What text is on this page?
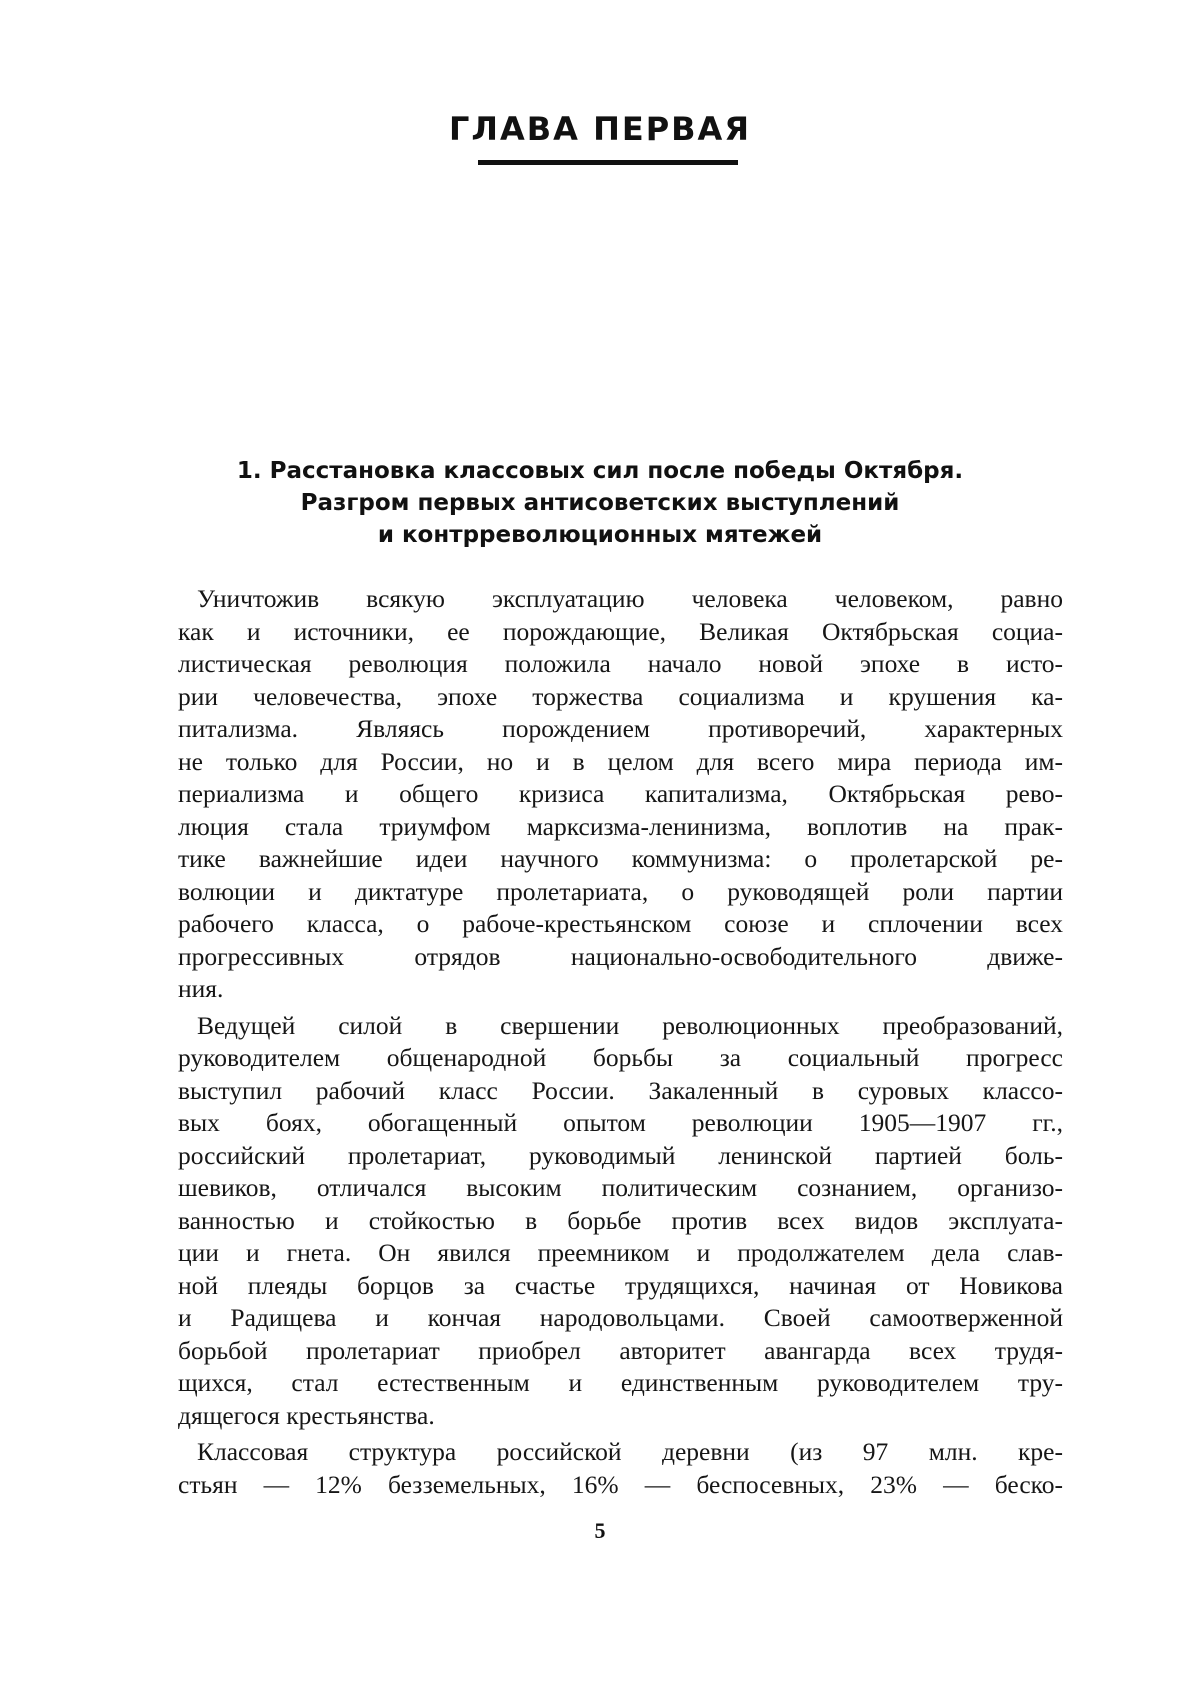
ГЛАВА ПЕРВАЯ
1. Расстановка классовых сил после победы Октября.
Разгром первых антисоветских выступлений
и контрреволюционных мятежей

Уничтожив всякую эксплуатацию человека человеком, равно
как и источники, ее порождающие, Великая Октябрьская социа-
листическая революция положила начало новой эпохе в исто-
рии человечества, эпохе торжества социализма и крушения ка-
питализма. Являясь порождением противоречий, характерных
не только для России, но и в целом для всего мира периода им-
периализма и общего кризиса капитализма, Октябрьская рево-
люция стала триумфом марксизма-ленинизма, воплотив на прак-
тике важнейшие идеи научного коммунизма: о пролетарской ре-
волюции и диктатуре пролетариата, о руководящей роли партии
рабочего класса, о рабоче-крестьянском союзе и сплочении всех
прогрессивных отрядов национально-освободительного движе-
ния.

Ведущей силой в свершении революционных преобразований,
руководителем общенародной борьбы за социальный прогресс
выступил рабочий класс России. Закаленный в суровых классо-
вых боях, обогащенный опытом революции 1905—1907 гг.,
российский пролетариат, руководимый ленинской партией боль-
шевиков, отличался высоким политическим сознанием, организо-
ванностью и стойкостью в борьбе против всех видов эксплуата-
ции и гнета. Он явился преемником и продолжателем дела слав-
ной плеяды борцов за счастье трудящихся, начиная от Новикова
и Радищева и кончая народовольцами. Своей самоотверженной
борьбой пролетариат приобрел авторитет авангарда всех трудя-
щихся, стал естественным и единственным руководителем тру-
дящегося крестьянства.

Классовая структура российской деревни (из 97 млн. кре-
стьян — 12% безземельных, 16% — беспосевных, 23% — беско-

5
